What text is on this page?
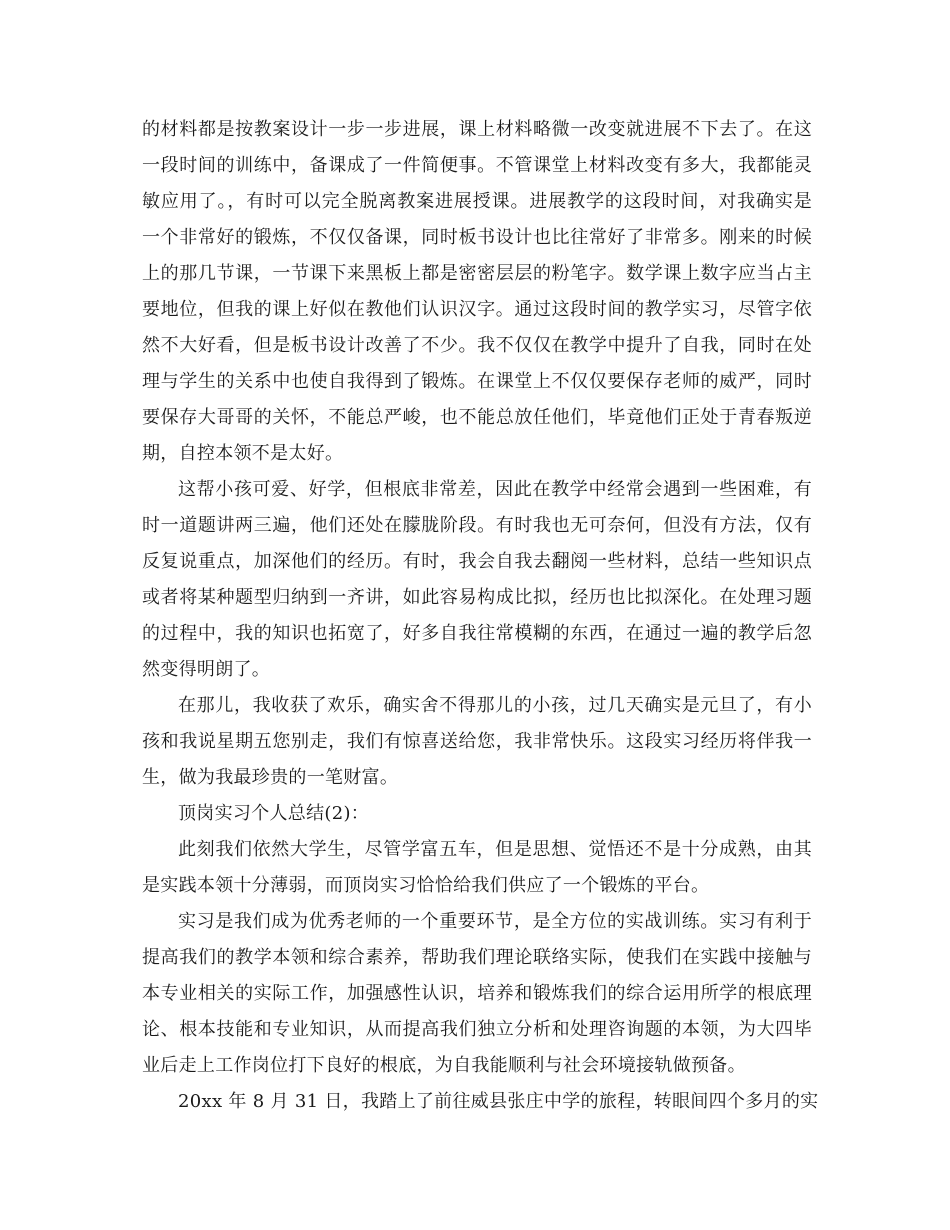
的材料都是按教案设计一步一步进展，课上材料略微一改变就进展不下去了。在这
一段时间的训练中，备课成了一件简便事。不管课堂上材料改变有多大，我都能灵
敏应用了。，有时可以完全脱离教案进展授课。进展教学的这段时间，对我确实是
一个非常好的锻炼，不仅仅备课，同时板书设计也比往常好了非常多。刚来的时候
上的那几节课，一节课下来黑板上都是密密层层的粉笔字。数学课上数字应当占主
要地位，但我的课上好似在教他们认识汉字。通过这段时间的教学实习，尽管字依
然不大好看，但是板书设计改善了不少。我不仅仅在教学中提升了自我，同时在处
理与学生的关系中也使自我得到了锻炼。在课堂上不仅仅要保存老师的威严，同时
要保存大哥哥的关怀，不能总严峻，也不能总放任他们，毕竟他们正处于青春叛逆
期，自控本领不是太好。
这帮小孩可爱、好学，但根底非常差，因此在教学中经常会遇到一些困难，有
时一道题讲两三遍，他们还处在朦胧阶段。有时我也无可奈何，但没有方法，仅有
反复说重点，加深他们的经历。有时，我会自我去翻阅一些材料，总结一些知识点
或者将某种题型归纳到一齐讲，如此容易构成比拟，经历也比拟深化。在处理习题
的过程中，我的知识也拓宽了，好多自我往常模糊的东西，在通过一遍的教学后忽
然变得明朗了。
在那儿，我收获了欢乐，确实舍不得那儿的小孩，过几天确实是元旦了，有小
孩和我说星期五您别走，我们有惊喜送给您，我非常快乐。这段实习经历将伴我一
生，做为我最珍贵的一笔财富。
顶岗实习个人总结(2)：
此刻我们依然大学生，尽管学富五车，但是思想、觉悟还不是十分成熟，由其
是实践本领十分薄弱，而顶岗实习恰恰给我们供应了一个锻炼的平台。
实习是我们成为优秀老师的一个重要环节，是全方位的实战训练。实习有利于
提高我们的教学本领和综合素养，帮助我们理论联络实际，使我们在实践中接触与
本专业相关的实际工作，加强感性认识，培养和锻炼我们的综合运用所学的根底理
论、根本技能和专业知识，从而提高我们独立分析和处理咨询题的本领，为大四毕
业后走上工作岗位打下良好的根底，为自我能顺利与社会环境接轨做预备。
20xx 年 8 月 31 日，我踏上了前往威县张庄中学的旅程，转眼间四个多月的实
